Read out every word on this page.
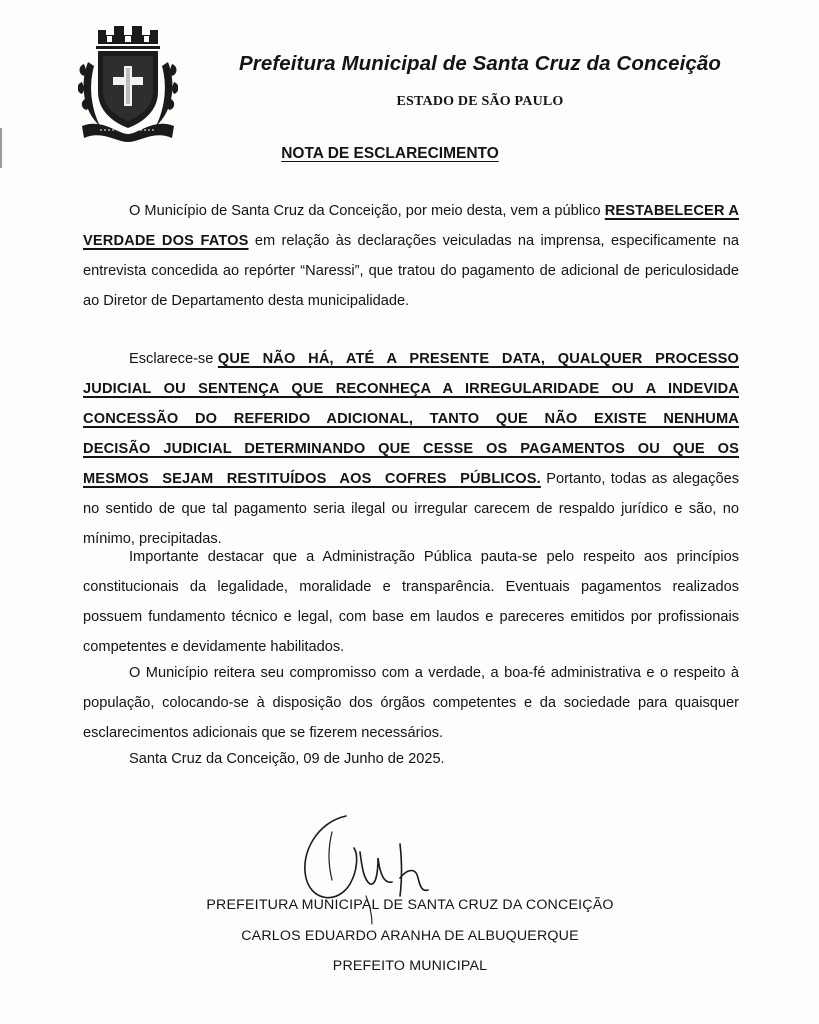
Prefeitura Municipal de Santa Cruz da Conceição
ESTADO DE SÃO PAULO
NOTA DE ESCLARECIMENTO

O Município de Santa Cruz da Conceição, por meio desta, vem a público RESTABELECER A VERDADE DOS FATOS em relação às declarações veiculadas na imprensa, especificamente na entrevista concedida ao repórter “Naressi”, que tratou do pagamento de adicional de periculosidade ao Diretor de Departamento desta municipalidade.

Esclarece-se QUE NÃO HÁ, ATÉ A PRESENTE DATA, QUALQUER PROCESSO JUDICIAL OU SENTENÇA QUE RECONHEÇA A IRREGULARIDADE OU A INDEVIDA CONCESSÃO DO REFERIDO ADICIONAL, TANTO QUE NÃO EXISTE NENHUMA DECISÃO JUDICIAL DETERMINANDO QUE CESSE OS PAGAMENTOS OU QUE OS MESMOS SEJAM RESTITUÍDOS AOS COFRES PÚBLICOS. Portanto, todas as alegações no sentido de que tal pagamento seria ilegal ou irregular carecem de respaldo jurídico e são, no mínimo, precipitadas.

Importante destacar que a Administração Pública pauta-se pelo respeito aos princípios constitucionais da legalidade, moralidade e transparência. Eventuais pagamentos realizados possuem fundamento técnico e legal, com base em laudos e pareceres emitidos por profissionais competentes e devidamente habilitados.

O Município reitera seu compromisso com a verdade, a boa-fé administrativa e o respeito à população, colocando-se à disposição dos órgãos competentes e da sociedade para quaisquer esclarecimentos adicionais que se fizerem necessários.

Santa Cruz da Conceição, 09 de Junho de 2025.
PREFEITURA MUNICIPAL DE SANTA CRUZ DA CONCEIÇÃO
CARLOS EDUARDO ARANHA DE ALBUQUERQUE
PREFEITO MUNICIPAL
